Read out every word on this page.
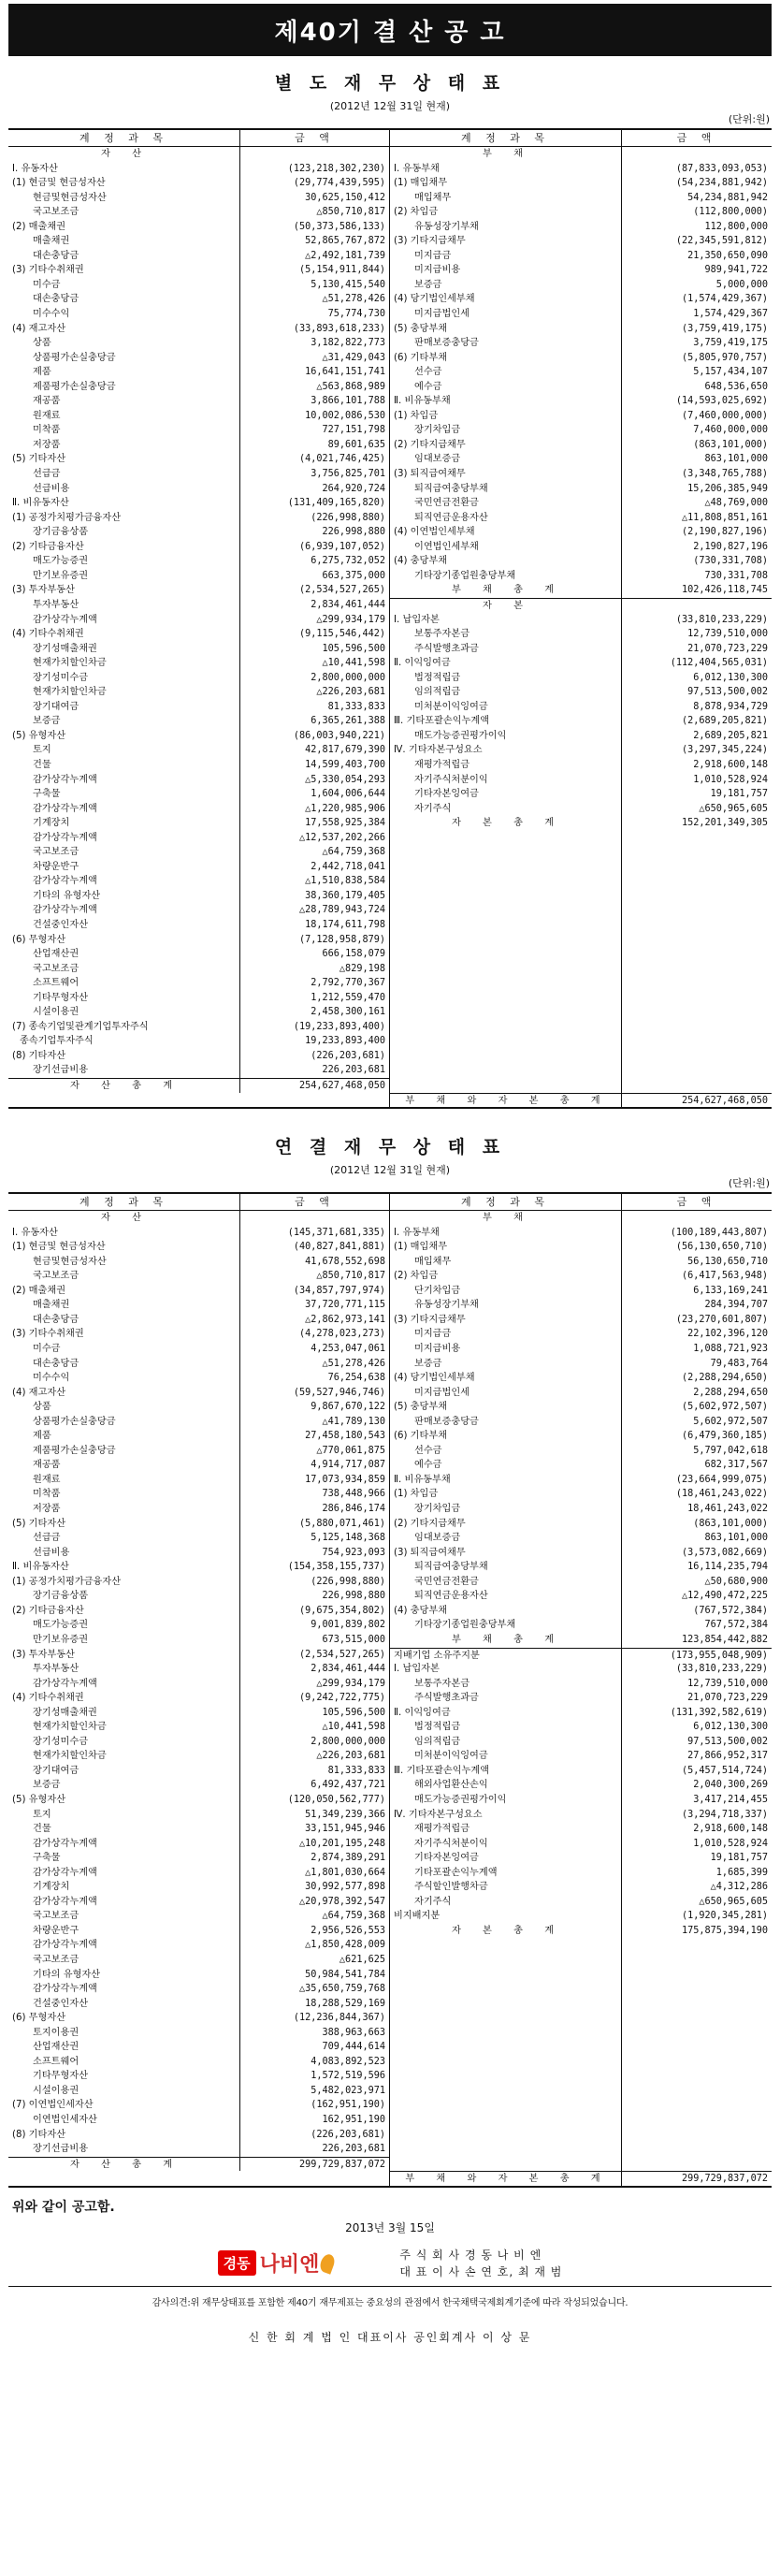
제40기 결 산 공 고
별 도 재 무 상 태 표
(2012년 12월 31일 현재)
(단위:원)
계 정 과 목	금 액
자 산
Ⅰ. 유동자산	(123,218,302,230)
(1) 현금및 현금성자산	(29,774,439,595)
현금및현금성자산	30,625,150,412
국고보조금	△850,710,817
(2) 매출채권	(50,373,586,133)
매출채권	52,865,767,872
대손충당금	△2,492,181,739
(3) 기타수취채권	(5,154,911,844)
미수금	5,130,415,540
대손충당금	△51,278,426
미수수익	75,774,730
(4) 재고자산	(33,893,618,233)
상품	3,182,822,773
상품평가손실충당금	△31,429,043
제품	16,641,151,741
제품평가손실충당금	△563,868,989
재공품	3,866,101,788
원재료	10,002,086,530
미착품	727,151,798
저장품	89,601,635
(5) 기타자산	(4,021,746,425)
선급금	3,756,825,701
선급비용	264,920,724
Ⅱ. 비유동자산	(131,409,165,820)
(1) 공정가치평가금융자산	(226,998,880)
장기금융상품	226,998,880
(2) 기타금융자산	(6,939,107,052)
매도가능증권	6,275,732,052
만기보유증권	663,375,000
(3) 투자부동산	(2,534,527,265)
투자부동산	2,834,461,444
감가상각누계액	△299,934,179
(4) 기타수취채권	(9,115,546,442)
장기성매출채권	105,596,500
현재가치할인차금	△10,441,598
장기성미수금	2,800,000,000
현재가치할인차금	△226,203,681
장기대여금	81,333,833
보증금	6,365,261,388
(5) 유형자산	(86,003,940,221)
토지	42,817,679,390
건물	14,599,403,700
감가상각누계액	△5,330,054,293
구축물	1,604,006,644
감가상각누계액	△1,220,985,906
기계장치	17,558,925,384
감가상각누계액	△12,537,202,266
국고보조금	△64,759,368
차량운반구	2,442,718,041
감가상각누계액	△1,510,838,584
기타의 유형자산	38,360,179,405
감가상각누계액	△28,789,943,724
건설중인자산	18,174,611,798
(6) 무형자산	(7,128,958,879)
산업재산권	666,158,079
국고보조금	△829,198
소프트웨어	2,792,770,367
기타무형자산	1,212,559,470
시설이용권	2,458,300,161
(7) 종속기업및관계기업투자주식	(19,233,893,400)
종속기업투자주식	19,233,893,400
(8) 기타자산	(226,203,681)
장기선급비용	226,203,681
자 산 총 계	254,627,468,050
계 정 과 목	금 액
부 채
Ⅰ. 유동부채	(87,833,093,053)
(1) 매입채무	(54,234,881,942)
매입채무	54,234,881,942
(2) 차입금	(112,800,000)
유동성장기부채	112,800,000
(3) 기타지급채무	(22,345,591,812)
미지급금	21,350,650,090
미지급비용	989,941,722
보증금	5,000,000
(4) 당기법인세부채	(1,574,429,367)
미지급법인세	1,574,429,367
(5) 충당부채	(3,759,419,175)
판매보증충당금	3,759,419,175
(6) 기타부채	(5,805,970,757)
선수금	5,157,434,107
예수금	648,536,650
Ⅱ. 비유동부채	(14,593,025,692)
(1) 차입금	(7,460,000,000)
장기차입금	7,460,000,000
(2) 기타지급채무	(863,101,000)
임대보증금	863,101,000
(3) 퇴직급여채무	(3,348,765,788)
퇴직급여충당부채	15,206,385,949
국민연금전환금	△48,769,000
퇴직연금운용자산	△11,808,851,161
(4) 이연법인세부채	(2,190,827,196)
이연법인세부채	2,190,827,196
(4) 충당부채	(730,331,708)
기타장기종업원충당부채	730,331,708
부 채 총 계	102,426,118,745
자 본
Ⅰ. 납입자본	(33,810,233,229)
보통주자본금	12,739,510,000
주식발행초과금	21,070,723,229
Ⅱ. 이익잉여금	(112,404,565,031)
법정적립금	6,012,130,300
임의적립금	97,513,500,002
미처분이익잉여금	8,878,934,729
Ⅲ. 기타포괄손익누계액	(2,689,205,821)
매도가능증권평가이익	2,689,205,821
Ⅳ. 기타자본구성요소	(3,297,345,224)
재평가적립금	2,918,600,148
자기주식처분이익	1,010,528,924
기타자본잉여금	19,181,757
자기주식	△650,965,605
자 본 총 계	152,201,349,305
부 채 와 자 본 총 계	254,627,468,050
연 결 재 무 상 태 표
(2012년 12월 31일 현재)
(단위:원)
계 정 과 목	금 액
자 산
Ⅰ. 유동자산	(145,371,681,335)
(1) 현금및 현금성자산	(40,827,841,881)
현금및현금성자산	41,678,552,698
국고보조금	△850,710,817
(2) 매출채권	(34,857,797,974)
매출채권	37,720,771,115
대손충당금	△2,862,973,141
(3) 기타수취채권	(4,278,023,273)
미수금	4,253,047,061
대손충당금	△51,278,426
미수수익	76,254,638
(4) 재고자산	(59,527,946,746)
상품	9,867,670,122
상품평가손실충당금	△41,789,130
제품	27,458,180,543
제품평가손실충당금	△770,061,875
재공품	4,914,717,087
원재료	17,073,934,859
미착품	738,448,966
저장품	286,846,174
(5) 기타자산	(5,880,071,461)
선급금	5,125,148,368
선급비용	754,923,093
Ⅱ. 비유동자산	(154,358,155,737)
(1) 공정가치평가금융자산	(226,998,880)
장기금융상품	226,998,880
(2) 기타금융자산	(9,675,354,802)
매도가능증권	9,001,839,802
만기보유증권	673,515,000
(3) 투자부동산	(2,534,527,265)
투자부동산	2,834,461,444
감가상각누계액	△299,934,179
(4) 기타수취채권	(9,242,722,775)
장기성매출채권	105,596,500
현재가치할인차금	△10,441,598
장기성미수금	2,800,000,000
현재가치할인차금	△226,203,681
장기대여금	81,333,833
보증금	6,492,437,721
(5) 유형자산	(120,050,562,777)
토지	51,349,239,366
건물	33,151,945,946
감가상각누계액	△10,201,195,248
구축물	2,874,389,291
감가상각누계액	△1,801,030,664
기계장치	30,992,577,898
감가상각누계액	△20,978,392,547
국고보조금	△64,759,368
차량운반구	2,956,526,553
감가상각누계액	△1,850,428,009
국고보조금	△621,625
기타의 유형자산	50,984,541,784
감가상각누계액	△35,650,759,768
건설중인자산	18,288,529,169
(6) 무형자산	(12,236,844,367)
토지이용권	388,963,663
산업재산권	709,444,614
소프트웨어	4,083,892,523
기타무형자산	1,572,519,596
시설이용권	5,482,023,971
(7) 이연법인세자산	(162,951,190)
이연법인세자산	162,951,190
(8) 기타자산	(226,203,681)
장기선급비용	226,203,681
자 산 총 계	299,729,837,072
계 정 과 목	금 액
부 채
Ⅰ. 유동부채	(100,189,443,807)
(1) 매입채무	(56,130,650,710)
매입채무	56,130,650,710
(2) 차입금	(6,417,563,948)
단기차입금	6,133,169,241
유동성장기부채	284,394,707
(3) 기타지급채무	(23,270,601,807)
미지급금	22,102,396,120
미지급비용	1,088,721,923
보증금	79,483,764
(4) 당기법인세부채	(2,288,294,650)
미지급법인세	2,288,294,650
(5) 충당부채	(5,602,972,507)
판매보증충당금	5,602,972,507
(6) 기타부채	(6,479,360,185)
선수금	5,797,042,618
예수금	682,317,567
Ⅱ. 비유동부채	(23,664,999,075)
(1) 차입금	(18,461,243,022)
장기차입금	18,461,243,022
(2) 기타지급채무	(863,101,000)
임대보증금	863,101,000
(3) 퇴직급여채무	(3,573,082,669)
퇴직급여충당부채	16,114,235,794
국민연금전환금	△50,680,900
퇴직연금운용자산	△12,490,472,225
(4) 충당부채	(767,572,384)
기타장기종업원충당부채	767,572,384
부 채 총 계	123,854,442,882
지배기업 소유주지분	(173,955,048,909)
Ⅰ. 납입자본	(33,810,233,229)
보통주자본금	12,739,510,000
주식발행초과금	21,070,723,229
Ⅱ. 이익잉여금	(131,392,582,619)
법정적립금	6,012,130,300
임의적립금	97,513,500,002
미처분이익잉여금	27,866,952,317
Ⅲ. 기타포괄손익누계액	(5,457,514,724)
해외사업환산손익	2,040,300,269
매도가능증권평가이익	3,417,214,455
Ⅳ. 기타자본구성요소	(3,294,718,337)
재평가적립금	2,918,600,148
자기주식처분이익	1,010,528,924
기타자본잉여금	19,181,757
기타포괄손익누계액	1,685,399
주식할인발행차금	△4,312,286
자기주식	△650,965,605
비지배지분	(1,920,345,281)
자 본 총 계	175,875,394,190
부 채 와 자 본 총 계	299,729,837,072
위와 같이 공고함.
2013년 3월 15일
경동 나비엔	주 식 회 사 경 동 나 비 엔
대 표 이 사 손 연 호, 최 재 범
감사의견:위 재무상태표를 포함한 제40기 재무제표는 중요성의 관점에서 한국채택국제회계기준에 따라 작성되었습니다.
신 한 회 계 법 인 대표이사 공인회계사 이 상 문
